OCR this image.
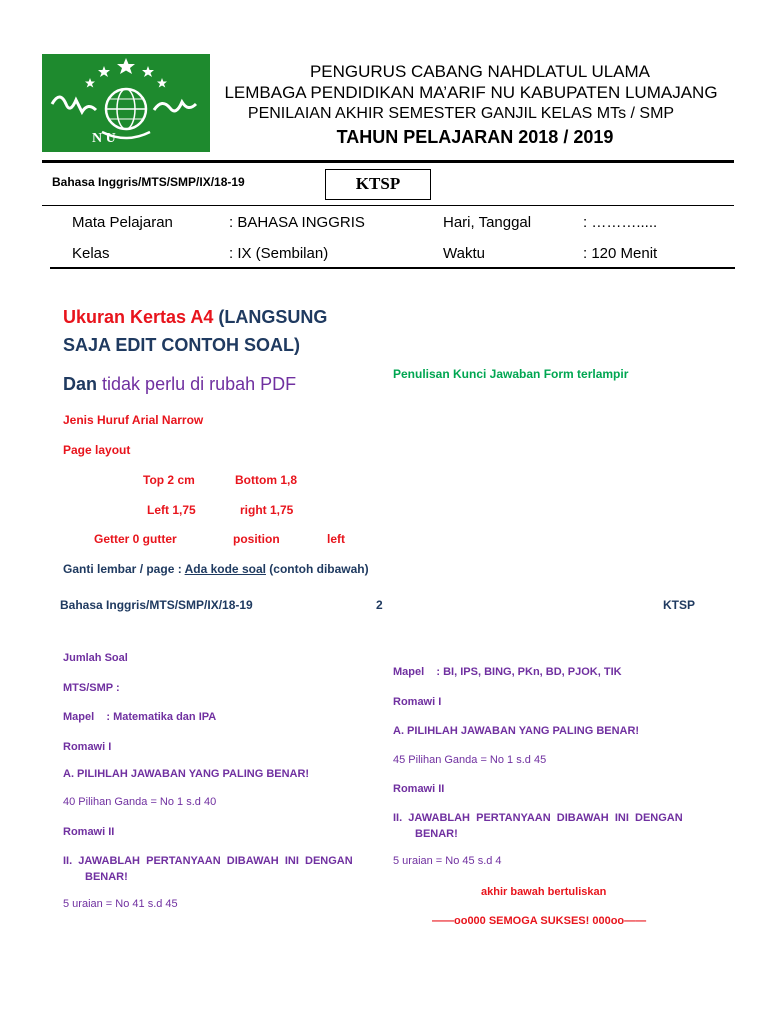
N U
PENGURUS CABANG NAHDLATUL ULAMA
LEMBAGA PENDIDIKAN MA’ARIF NU KABUPATEN LUMAJANG
PENILAIAN AKHIR SEMESTER GANJIL KELAS MTs / SMP
TAHUN PELAJARAN 2018 / 2019
Bahasa Inggris/MTS/SMP/IX/18-19	KTSP
Mata Pelajaran	: BAHASA INGGRIS	Hari, Tanggal	: ……….....
Kelas	: IX (Sembilan)	Waktu	: 120 Menit
Ukuran Kertas A4 (LANGSUNG
SAJA EDIT CONTOH SOAL)
Dan tidak perlu di rubah PDF	Penulisan Kunci Jawaban Form terlampir
Jenis Huruf Arial Narrow
Page layout
Top 2 cm	Bottom 1,8
Left 1,75	right 1,75
Getter 0 gutter	position	left
Ganti lembar / page : Ada kode soal (contoh dibawah)
Bahasa Inggris/MTS/SMP/IX/18-19	2	KTSP
Jumlah Soal
MTS/SMP :
Mapel    : Matematika dan IPA
Romawi I
A. PILIHLAH JAWABAN YANG PALING BENAR!
40 Pilihan Ganda = No 1 s.d 40
Romawi II
II.  JAWABLAH  PERTANYAAN  DIBAWAH  INI  DENGAN
BENAR!
5 uraian = No 41 s.d 45
Mapel    : BI, IPS, BING, PKn, BD, PJOK, TIK
Romawi I
A. PILIHLAH JAWABAN YANG PALING BENAR!
45 Pilihan Ganda = No 1 s.d 45
Romawi II
II.  JAWABLAH  PERTANYAAN  DIBAWAH  INI  DENGAN
BENAR!
5 uraian = No 45 s.d 4
akhir bawah bertuliskan
——oo000 SEMOGA SUKSES! 000oo——
